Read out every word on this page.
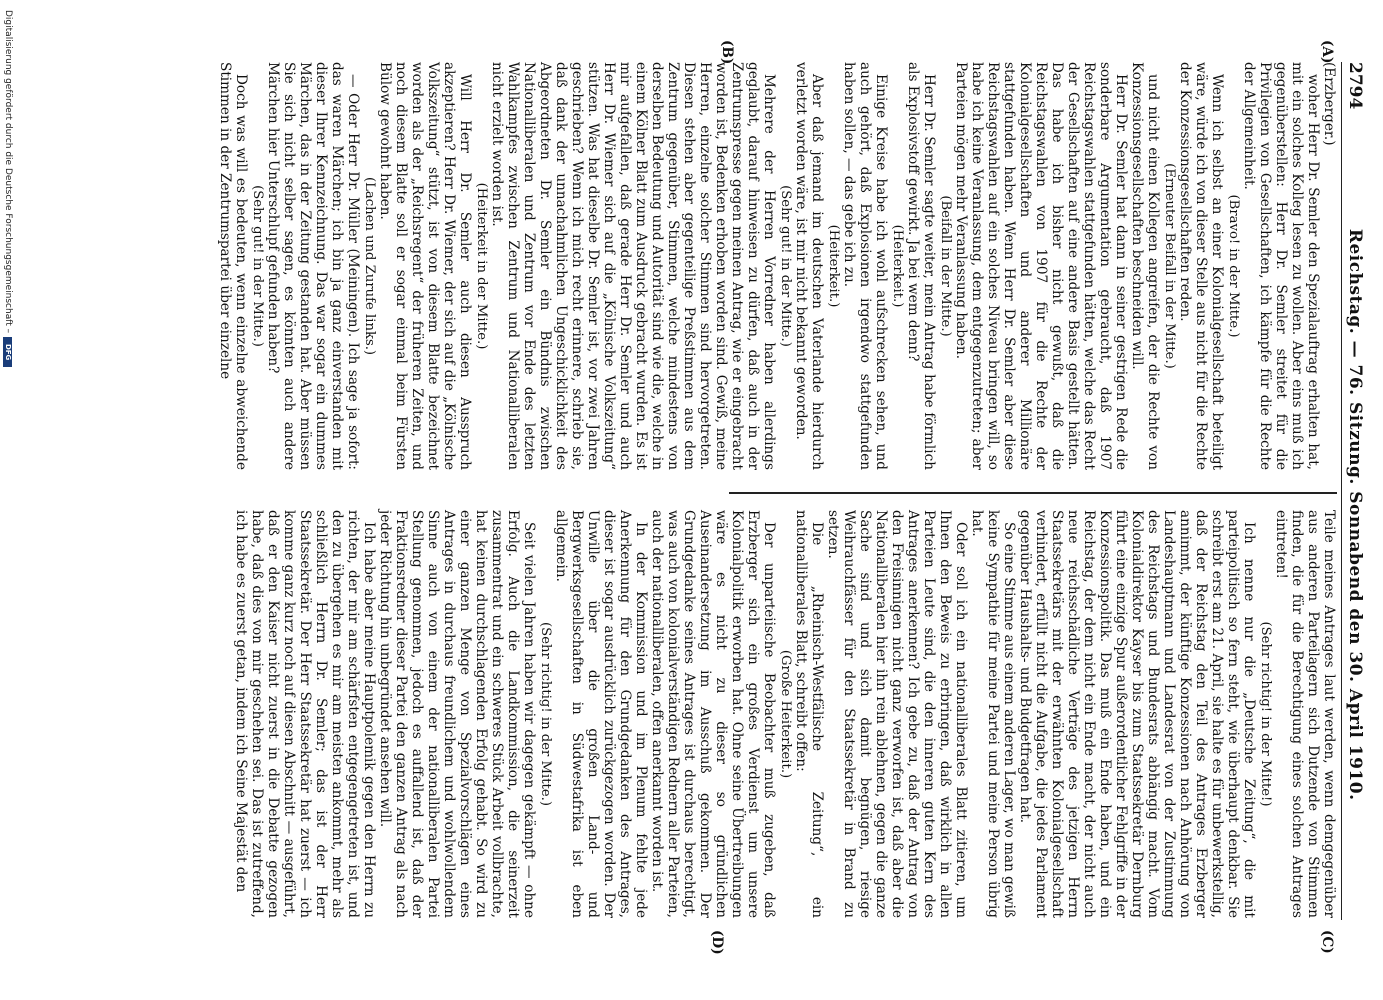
2794
Reichstag. — 76. Sitzung. Sonnabend den 30. April 1910.
(A)
(B)
(C)
(D)

(Erzberger.)

woher Herr Dr. Semler den Spezialauftrag erhalten hat, mit ein solches Kolleg lesen zu wollen. Aber eins muß ich gegenüberstellen: Herr Dr. Semler streitet für die Privilegien von Gesellschaften, ich kämpfe für die Rechte der Allgemeinheit.

(Bravo! in der Mitte.)

Wenn ich selbst an einer Kolonialgesellschaft beteiligt wäre, würde ich von dieser Stelle aus nicht für die Rechte der Konzessionsgesellschaften reden.

(Erneuter Beifall in der Mitte.)

und nicht einen Kollegen angreifen, der die Rechte von Konzessionsgesellschaften beschneiden will.

Herr Dr. Semler hat dann in seiner gestrigen Rede die sonderbare Argumentation gebraucht, daß 1907 Reichstagswahlen stattgefunden hätten, welche das Recht der Gesellschaften auf eine andere Basis gestellt hätten. Das habe ich bisher nicht gewußt, daß die Reichstagswahlen von 1907 für die Rechte der Kolonialgesellschaften und anderer Millionäre stattgefunden haben. Wenn Herr Dr. Semler aber diese Reichstagswahlen auf ein solches Niveau bringen will, so habe ich keine Veranlassung, dem entgegenzutreten; aber Parteien mögen mehr Veranlassung haben.

(Beifall in der Mitte.)

Herr Dr. Semler sagte weiter, mein Antrag habe förmlich als Explosivstoff gewirkt. Ja bei wem denn?

(Heiterkeit.)

Einige Kreise habe ich wohl aufschrecken sehen, und auch gehört, daß Explosionen irgendwo stattgefunden haben sollen, — das gebe ich zu.

(Heiterkeit.)

Aber daß jemand im deutschen Vaterlande hierdurch verletzt worden wäre, ist mir nicht bekannt geworden.

(Sehr gut! in der Mitte.)

Mehrere der Herren Vorredner haben allerdings geglaubt, darauf hinweisen zu dürfen, daß auch in der Zentrumspresse gegen meinen Antrag, wie er eingebracht worden ist, Bedenken erhoben worden sind. Gewiß, meine Herren, einzelne solcher Stimmen sind hervorgetreten. Diesen stehen aber gegenteilige Preßstimmen aus dem Zentrum gegenüber, Stimmen, welche mindestens von derselben Bedeutung und Autorität sind wie die, welche in einem Kölner Blatt zum Ausdruck gebracht wurden. Es ist mir aufgefallen, daß gerade Herr Dr. Semler und auch Herr Dr. Wiemer sich auf die „Kölnische Volkszeitung“ stützen. Was hat dieselbe Dr. Semler ist, vor zwei Jahren geschrieben? Wenn ich mich recht erinnere, schrieb sie, daß dank der unnachahmlichen Ungeschicklichkeit des Abgeordneten Dr. Semler ein Bündnis zwischen Nationalliberalen und Zentrum vor Ende des letzten Wahlkampfes zwischen Zentrum und Nationalliberalen nicht erzielt worden ist.

(Heiterkeit in der Mitte.)

Will Herr Dr. Semler auch diesen Ausspruch akzeptieren? Herr Dr. Wiemer, der sich auf die „Kölnische Volkszeitung“ stützt, ist von diesem Blatte bezeichnet worden als der „Reichsregent“ der früheren Zeiten, und noch diesem Blatte soll er sogar einmal beim Fürsten Bülow gewohnt haben.

(Lachen und Zurufe links.)

— Oder Herr Dr. Müller (Meiningen). Ich sage ja sofort: das waren Märchen; ich bin ja ganz einverstanden mit dieser Ihrer Kennzeichnung. Das war sogar ein dummes Märchen, das in der Zeitung gestanden hat. Aber müssen Sie sich nicht selber sagen, es könnten auch andere Märchen hier Unterschlupf gefunden haben?

(Sehr gut! in der Mitte.)

Doch was will es bedeuten, wenn einzelne abweichende Stimmen in der Zentrumspartei über einzelne

Teile meines Antrages laut werden, wenn demgegenüber aus anderen Parteilagern sich Dutzende von Stimmen finden, die für die Berechtigung eines solchen Antrages eintreten!

(Sehr richtig! in der Mitte!)

Ich nenne nur die „Deutsche Zeitung“, die mit parteipolitisch so fern steht, wie überhaupt denkbar. Sie schreibt erst am 21. April, sie halte es für unbewerkstellig, daß der Reichstag den Teil des Antrages Erzberger annimmt, der künftige Konzessionen nach Anhörung von Landeshauptmann und Landesrat von der Zustimmung des Reichstags und Bundesrats abhängig macht. Vom Kolonialdirektor Kayser bis zum Staatssekretär Dernburg führt eine einzige Spur außerordentlicher Fehlgriffe in der Konzessionspolitik. Das muß ein Ende haben, und ein Reichstag, der dem nicht ein Ende macht, der nicht auch neue reichsschädliche Verträge des jetzigen Herrn Staatssekretärs mit der erwähnten Kolonialgesellschaft verhindert, erfüllt nicht die Aufgabe, die jedes Parlament gegenüber Haushalts- und Budgetfragen hat.

So eine Stimme aus einem anderen Lager, wo man gewiß keine Sympathie für meine Partei und meine Person übrig hat.

Oder soll ich ein nationalliberales Blatt zitieren, um Ihnen den Beweis zu erbringen, daß wirklich in allen Parteien Leute sind, die den inneren guten Kern des Antrages anerkennen? Ich gebe zu, daß der Antrag von den Freisinnigen nicht ganz verworfen ist, daß aber die Nationalliberalen hier ihn rein ablehnen, gegen die ganze Sache sind und sich damit begnügen, riesige Weihrauchfässer für den Staatssekretär in Brand zu setzen.

Die „Rheinisch-Westfälische Zeitung“, ein nationalliberales Blatt, schreibt offen:

(Große Heiterkeit.)

Der unparteiische Beobachter muß zugeben, daß Erzberger sich ein großes Verdienst um unsere Kolonialpolitik erworben hat. Ohne seine Übertreibungen wäre es nicht zu dieser so gründlichen Auseinandersetzung im Ausschuß gekommen. Der Grundgedanke seines Antrages ist durchaus berechtigt, was auch von kolonialverständigen Rednern aller Parteien, auch der nationalliberalen, offen anerkannt worden ist.

In der Kommission und im Plenum fehlte jede Anerkennung für den Grundgedanken des Antrages, dieser ist sogar ausdrücklich zurückgezogen worden. Der Unwille über die großen Land- und Bergwerksgesellschaften in Südwestafrika ist eben allgemein.

(Sehr richtig! in der Mitte.)

Seit vielen Jahren haben wir dagegen gekämpft — ohne Erfolg. Auch die Landkommission, die seinerzeit zusammentrat und ein schweres Stück Arbeit vollbrachte, hat keinen durchschlagenden Erfolg gehabt. So wird zu einer ganzen Menge von Spezialvorschlägen eines Antrages in durchaus freundlichem und wohlwollendem Sinne auch von einem der nationalliberalen Partei Stellung genommen, jedoch es auffallend ist, daß der Fraktionsredner dieser Partei den ganzen Antrag als nach jeder Richtung hin unbegründet ansehen will.

Ich habe aber meine Hauptpolemik gegen den Herrn zu richten, der mir am schärfsten entgegengetreten ist, und den zu übergehen es mir am meisten ankommt, mehr als schließlich Herrn Dr. Semler; das ist der Herr Staatssekretär. Der Herr Staatssekretär hat zuerst — ich komme ganz kurz noch auf diesen Abschnitt — ausgeführt, daß er den Kaiser nicht zuerst in die Debatte gezogen habe, daß dies von mir geschehen sei. Das ist zutreffend, ich habe es zuerst getan, indem ich Seine Majestät den

Digitalisierung gefördert durch die Deutsche Forschungsgemeinschaft –
DFG
